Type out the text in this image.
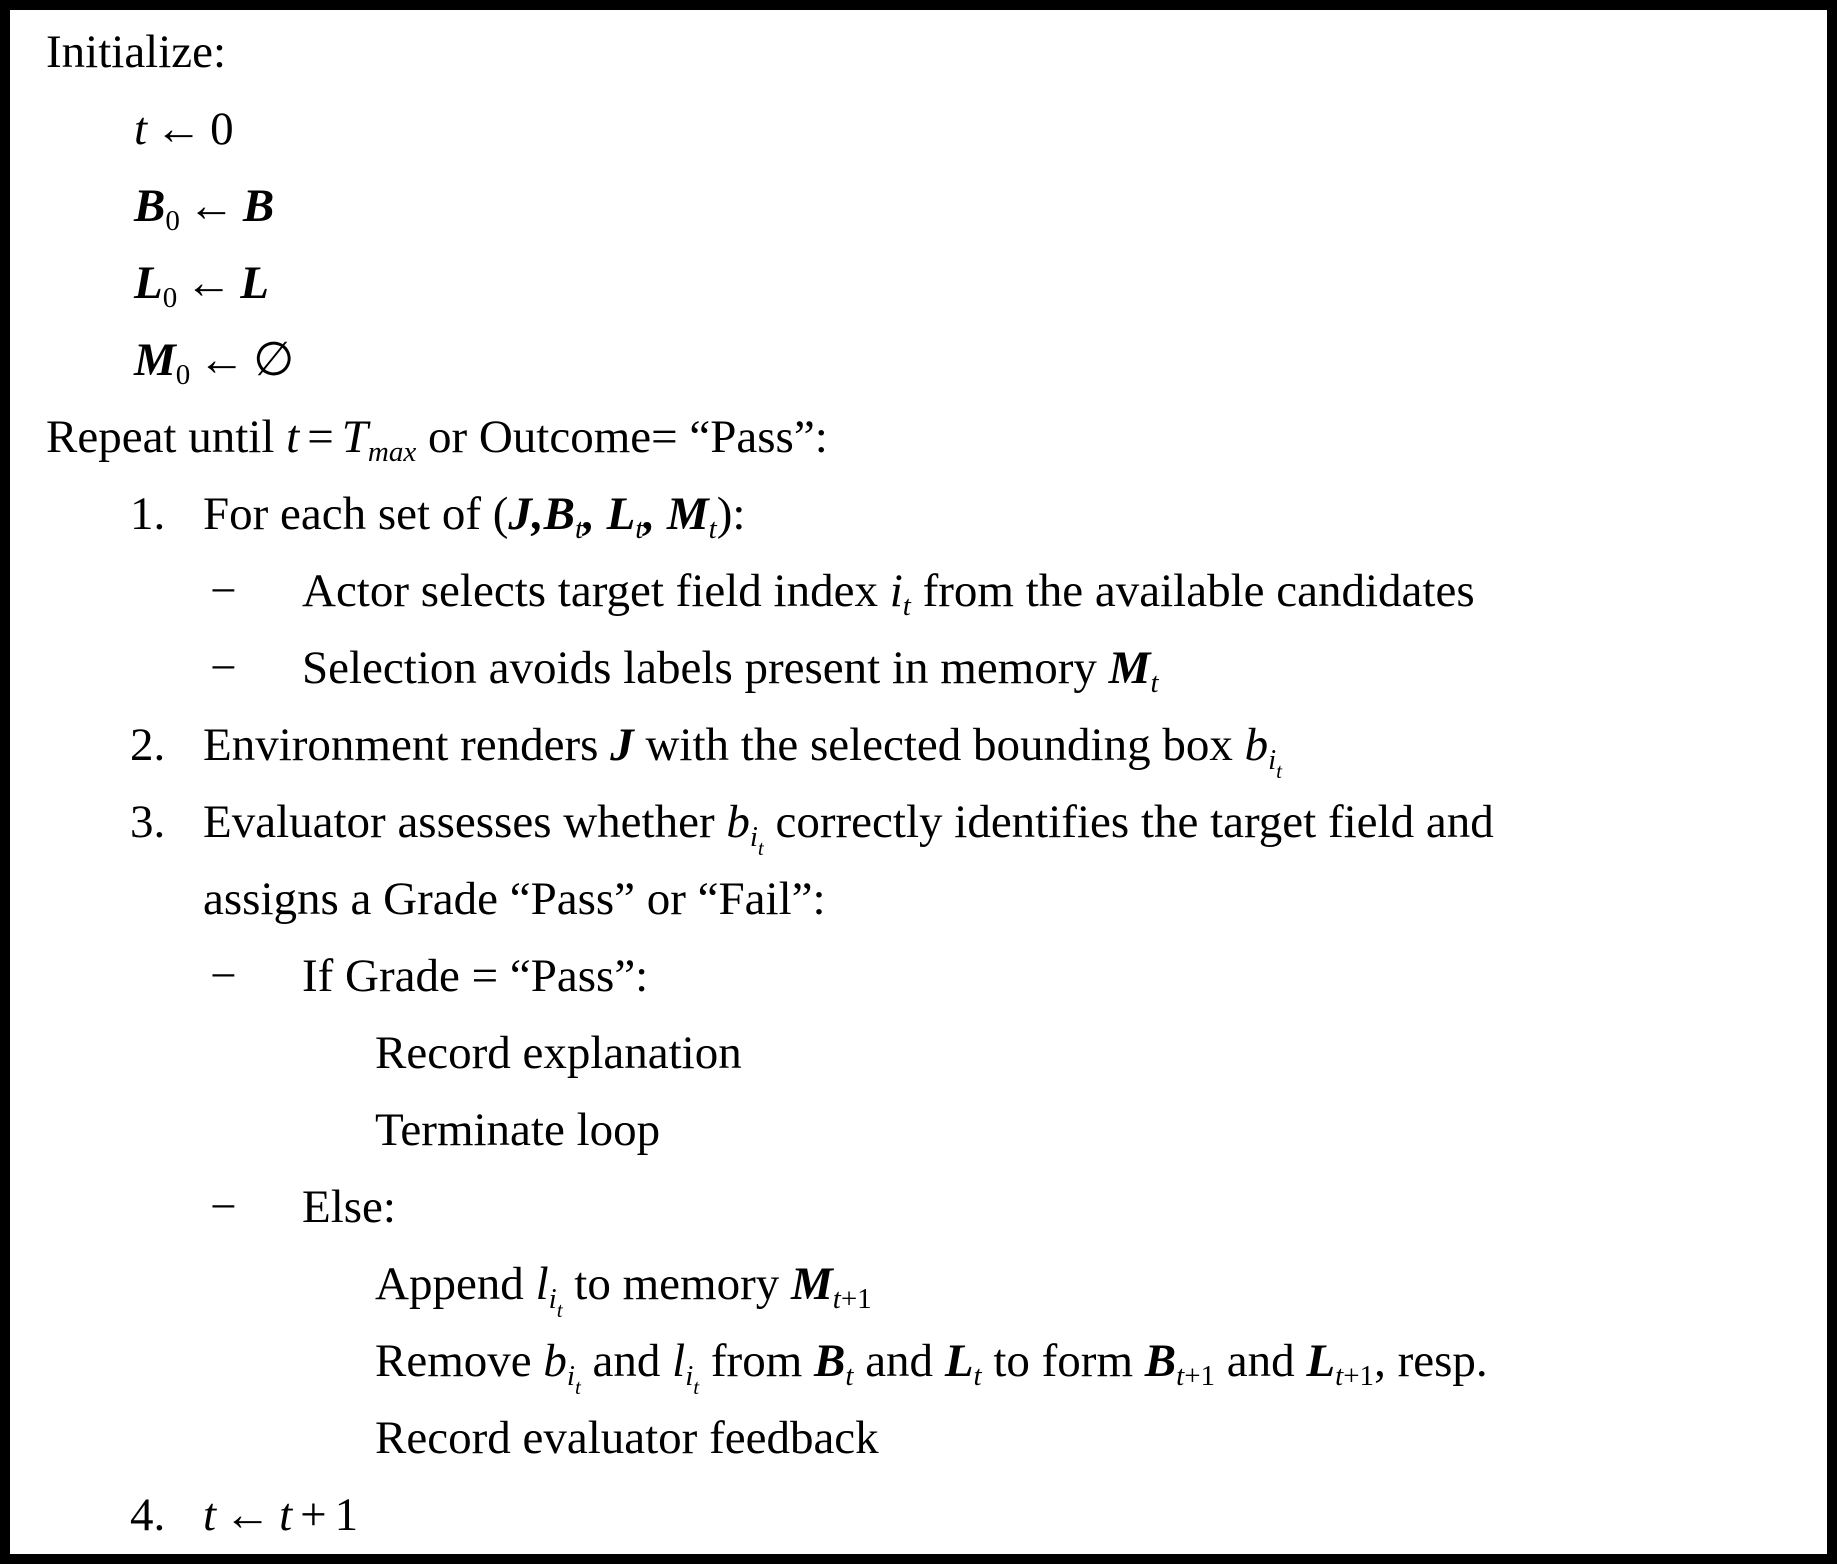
Initialize:
t ← 0
$B_0$ ← B
$L_0$ ← L
$M_0$ ← ∅
Repeat until $t = T_{max}$ or Outcome= “Pass”:
1. For each set of ($J,B_t$, $L_t$, $M_t$):
− Actor selects target field index $i_t$ from the available candidates
− Selection avoids labels present in memory $M_t$
2. Environment renders J with the selected bounding box $b_{it}$
3. Evaluator assesses whether $b_{it}$ correctly identifies the target field and
assigns a Grade “Pass” or “Fail”:
− If Grade = “Pass”:
Record explanation
Terminate loop
− Else:
Append $l_{it}$ to memory $M_{t+1}$
Remove $b_{it}$ and $l_{it}$ from $B_t$ and $L_t$ to form $B_{t+1}$ and $L_{t+1}$, resp.
Record evaluator feedback
4. t ← t + 1
